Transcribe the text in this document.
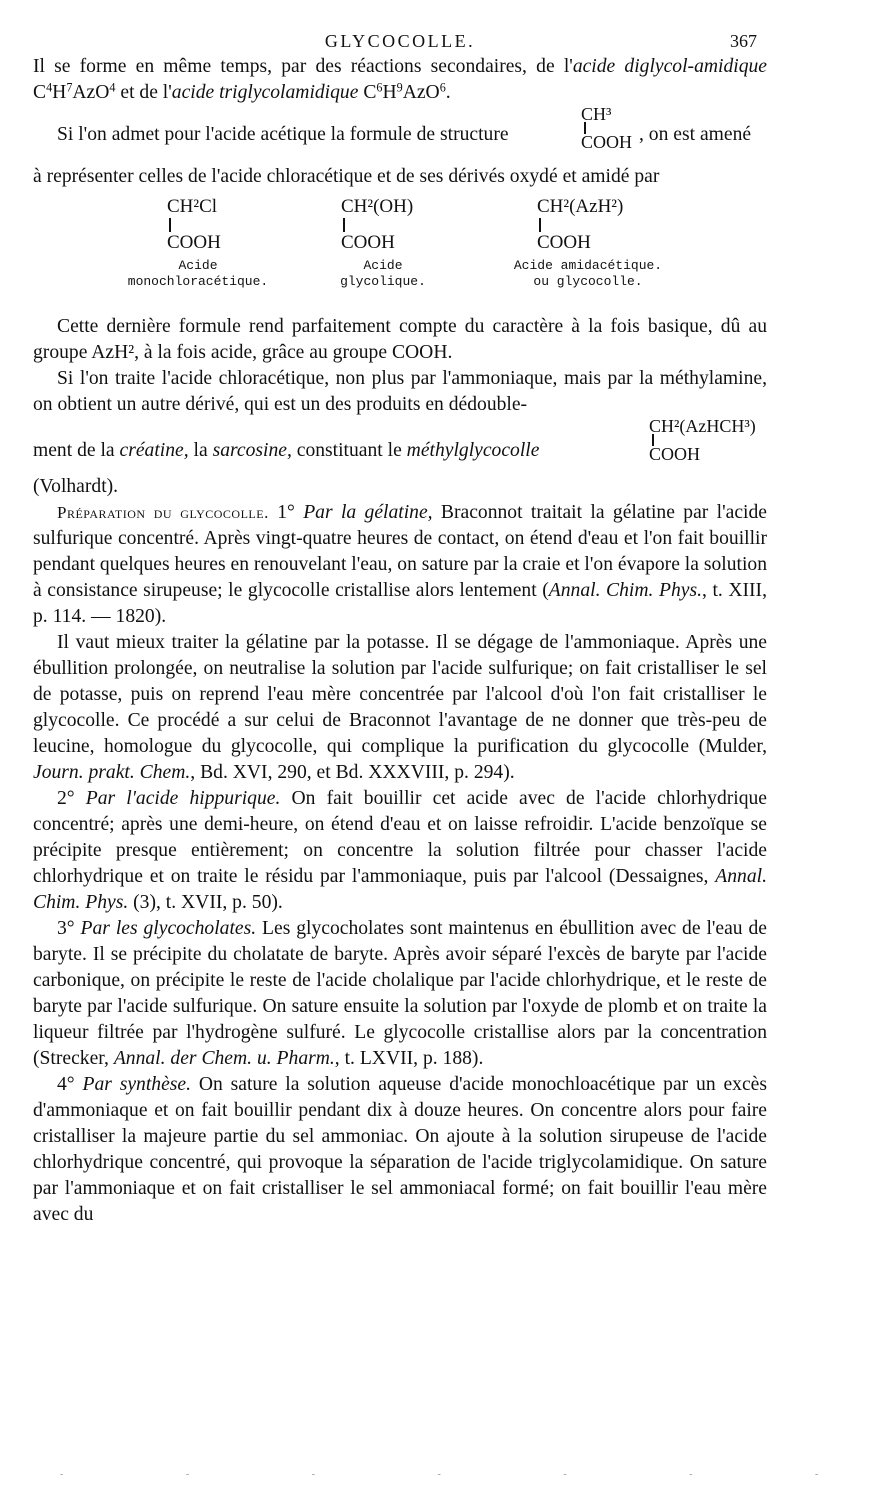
GLYCOCOLLE.	367

Il se forme en même temps, par des réactions secondaires, de l'acide diglycol-amidique $C^4H^7AzO^4$ et de l'acide triglycolamidique $C^6H^9AzO^6$.

Si l'on admet pour l'acide acétique la formule de structure
CH³
COOH , on est amené

à représenter celles de l'acide chloracétique et de ses dérivés oxydé et amidé par

CH²Cl
COOH
Acide
monochloracétique.
CH²(OH)
COOH
Acide
glycolique.
CH²(AzH²)
COOH
Acide amidacétique.
ou glycocolle.

Cette dernière formule rend parfaitement compte du caractère à la fois basique, dû au groupe AzH², à la fois acide, grâce au groupe COOH.

Si l'on traite l'acide chloracétique, non plus par l'ammoniaque, mais par la méthylamine, on obtient un autre dérivé, qui est un des produits en dédouble-

ment de la créatine, la sarcosine, constituant le méthylglycocolle
CH²(AzHCH³)
COOH

(Volhardt).

Préparation du glycocolle. 1° Par la gélatine, Braconnot traitait la gélatine par l'acide sulfurique concentré. Après vingt-quatre heures de contact, on étend d'eau et l'on fait bouillir pendant quelques heures en renouvelant l'eau, on sature par la craie et l'on évapore la solution à consistance sirupeuse; le glycocolle cristallise alors lentement (Annal. Chim. Phys., t. XIII, p. 114. — 1820).

Il vaut mieux traiter la gélatine par la potasse. Il se dégage de l'ammoniaque. Après une ébullition prolongée, on neutralise la solution par l'acide sulfurique; on fait cristalliser le sel de potasse, puis on reprend l'eau mère concentrée par l'alcool d'où l'on fait cristalliser le glycocolle. Ce procédé a sur celui de Braconnot l'avantage de ne donner que très-peu de leucine, homologue du glycocolle, qui complique la purification du glycocolle (Mulder, Journ. prakt. Chem., Bd. XVI, 290, et Bd. XXXVIII, p. 294).

2° Par l'acide hippurique. On fait bouillir cet acide avec de l'acide chlorhydrique concentré; après une demi-heure, on étend d'eau et on laisse refroidir. L'acide benzoïque se précipite presque entièrement; on concentre la solution filtrée pour chasser l'acide chlorhydrique et on traite le résidu par l'ammoniaque, puis par l'alcool (Dessaignes, Annal. Chim. Phys. (3), t. XVII, p. 50).

3° Par les glycocholates. Les glycocholates sont maintenus en ébullition avec de l'eau de baryte. Il se précipite du cholatate de baryte. Après avoir séparé l'excès de baryte par l'acide carbonique, on précipite le reste de l'acide cholalique par l'acide chlorhydrique, et le reste de baryte par l'acide sulfurique. On sature ensuite la solution par l'oxyde de plomb et on traite la liqueur filtrée par l'hydrogène sulfuré. Le glycocolle cristallise alors par la concentration (Strecker, Annal. der Chem. u. Pharm., t. LXVII, p. 188).

4° Par synthèse. On sature la solution aqueuse d'acide monochloacétique par un excès d'ammoniaque et on fait bouillir pendant dix à douze heures. On concentre alors pour faire cristalliser la majeure partie du sel ammoniac. On ajoute à la solution sirupeuse de l'acide chlorhydrique concentré, qui provoque la séparation de l'acide triglycolamidique. On sature par l'ammoniaque et on fait cristalliser le sel ammoniacal formé; on fait bouillir l'eau mère avec du

- - - - - - -
